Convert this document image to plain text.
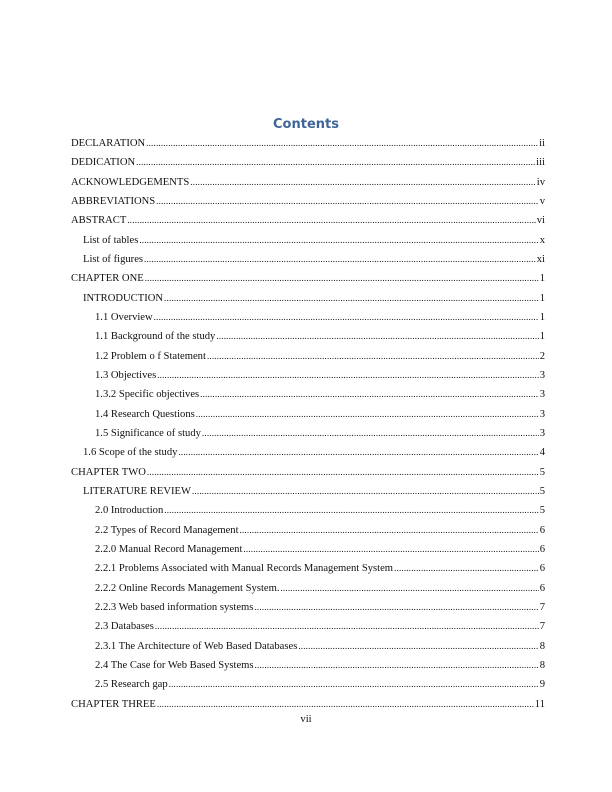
Contents
DECLARATION .....	ii
DEDICATION .....	iii
ACKNOWLEDGEMENTS .....	iv
ABBREVIATIONS .....	v
ABSTRACT .....	vi
List of tables .....	x
List of figures .....	xi
CHAPTER ONE .....	1
INTRODUCTION .....	1
1.1 Overview .....	1
1.1 Background of the study .....	1
1.2 Problem o f Statement .....	2
1.3 Objectives .....	3
1.3.2 Specific objectives .....	3
1.4 Research Questions .....	3
1.5 Significance of study .....	3
1.6 Scope of the study .....	4
CHAPTER TWO .....	5
LITERATURE REVIEW .....	5
2.0 Introduction .....	5
2.2 Types of Record Management .....	6
2.2.0 Manual Record Management .....	6
2.2.1 Problems Associated with Manual Records Management System .....	6
2.2.2 Online Records Management System. .....	6
2.2.3 Web based information systems .....	7
2.3 Databases .....	7
2.3.1 The Architecture of Web Based Databases .....	8
2.4 The Case for Web Based Systems .....	8
2.5 Research gap .....	9
CHAPTER THREE .....	11
vii
